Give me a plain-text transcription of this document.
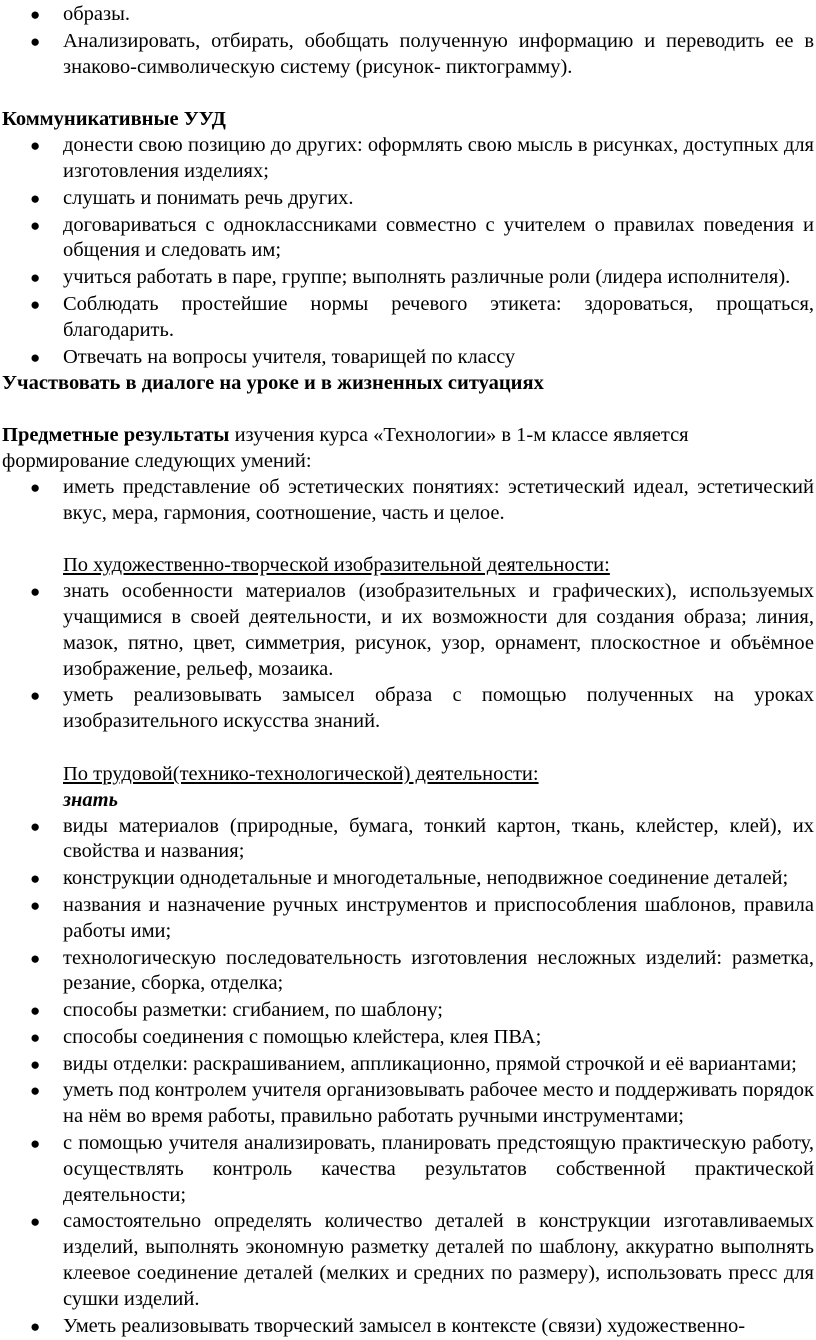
● образы.
● Анализировать, отбирать, обобщать полученную информацию и переводить ее в знаково-символическую систему (рисунок- пиктограмму).

Коммуникативные УУД

● донести свою позицию до других: оформлять свою мысль в рисунках, доступных для изготовления изделиях;
● слушать и понимать речь других.
● договариваться с одноклассниками совместно с учителем о правилах поведения и общения и следовать им;
● учиться работать в паре, группе; выполнять различные роли (лидера исполнителя).
● Соблюдать простейшие нормы речевого этикета: здороваться, прощаться, благодарить.
● Отвечать на вопросы учителя, товарищей по классу

Участвовать в диалоге на уроке и в жизненных ситуациях

Предметные результаты изучения курса «Технологии» в 1-м классе является формирование следующих умений:

● иметь представление об эстетических понятиях: эстетический идеал, эстетический вкус, мера, гармония, соотношение, часть и целое.

По художественно-творческой изобразительной деятельности:

● знать особенности материалов (изобразительных и графических), используемых учащимися в своей деятельности, и их возможности для создания образа; линия, мазок, пятно, цвет, симметрия, рисунок, узор, орнамент, плоскостное и объёмное изображение, рельеф, мозаика.
● уметь реализовывать замысел образа с помощью полученных на уроках изобразительного искусства знаний.

По трудовой(технико-технологической) деятельности:

знать

● виды материалов (природные, бумага, тонкий картон, ткань, клейстер, клей), их свойства и названия;
● конструкции однодетальные и многодетальные, неподвижное соединение деталей;
● названия и назначение ручных инструментов и приспособления шаблонов, правила работы ими;
● технологическую последовательность изготовления несложных изделий: разметка, резание, сборка, отделка;
● способы разметки: сгибанием, по шаблону;
● способы соединения с помощью клейстера, клея ПВА;
● виды отделки: раскрашиванием, аппликационно, прямой строчкой и её вариантами;
● уметь под контролем учителя организовывать рабочее место и поддерживать порядок на нём во время работы, правильно работать ручными инструментами;
● с помощью учителя анализировать, планировать предстоящую практическую работу, осуществлять контроль качества результатов собственной практической деятельности;
● самостоятельно определять количество деталей в конструкции изготавливаемых изделий, выполнять экономную разметку деталей по шаблону, аккуратно выполнять клеевое соединение деталей (мелких и средних по размеру), использовать пресс для сушки изделий.
● Уметь реализовывать творческий замысел в контексте (связи) художественно-
